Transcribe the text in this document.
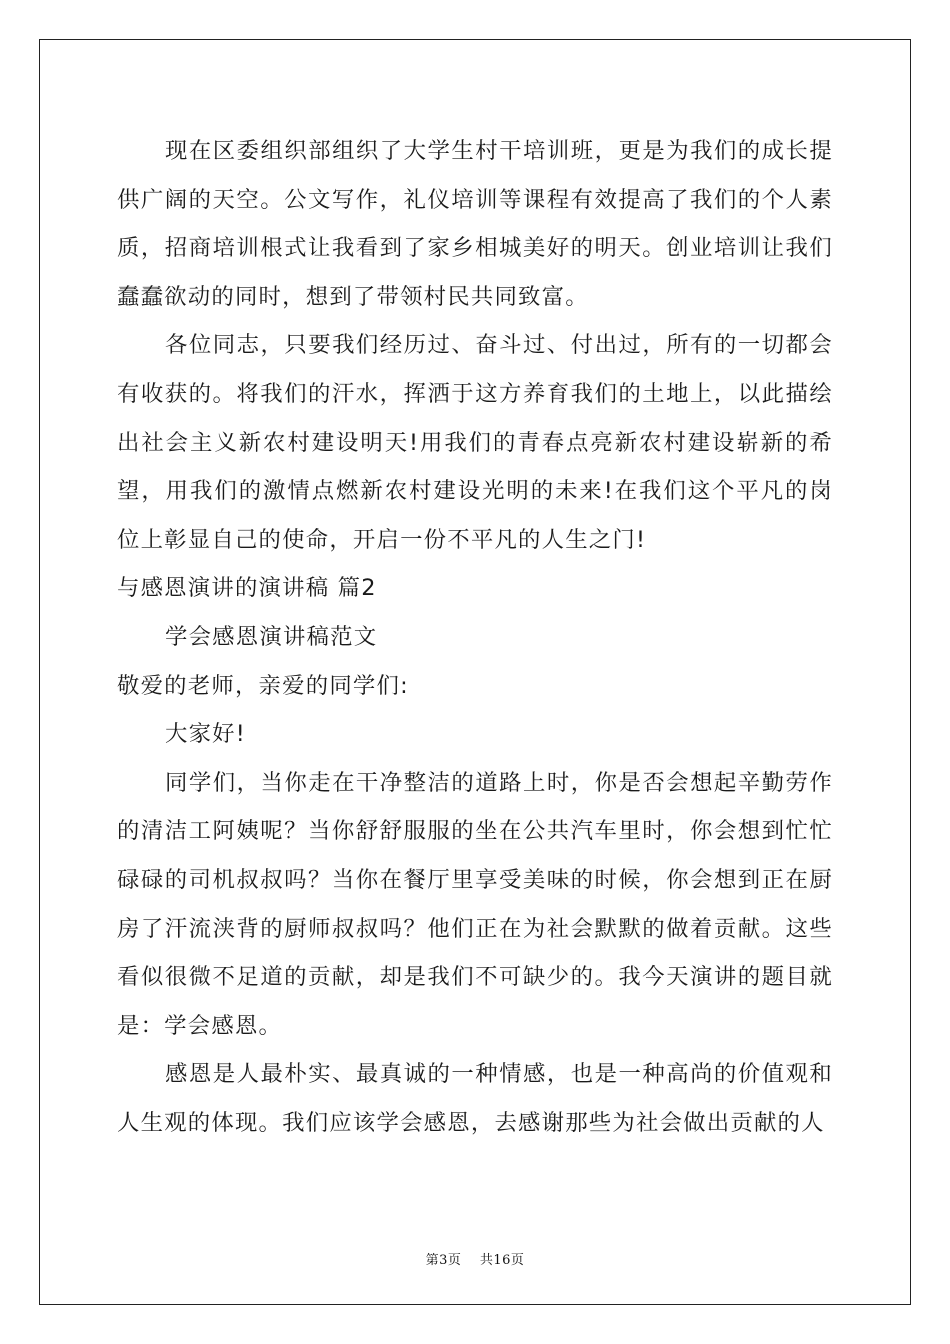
现在区委组织部组织了大学生村干培训班，更是为我们的成长提供广阔的天空。公文写作，礼仪培训等课程有效提高了我们的个人素质，招商培训根式让我看到了家乡相城美好的明天。创业培训让我们蠢蠢欲动的同时，想到了带领村民共同致富。

各位同志，只要我们经历过、奋斗过、付出过，所有的一切都会有收获的。将我们的汗水，挥洒于这方养育我们的土地上，以此描绘出社会主义新农村建设明天!用我们的青春点亮新农村建设崭新的希望，用我们的激情点燃新农村建设光明的未来!在我们这个平凡的岗位上彰显自己的使命，开启一份不平凡的人生之门!

与感恩演讲的演讲稿 篇2

学会感恩演讲稿范文

敬爱的老师，亲爱的同学们:

大家好!

同学们，当你走在干净整洁的道路上时，你是否会想起辛勤劳作的清洁工阿姨呢？当你舒舒服服的坐在公共汽车里时，你会想到忙忙碌碌的司机叔叔吗？当你在餐厅里享受美味的时候，你会想到正在厨房了汗流浃背的厨师叔叔吗？他们正在为社会默默的做着贡献。这些看似很微不足道的贡献，却是我们不可缺少的。我今天演讲的题目就是：学会感恩。

感恩是人最朴实、最真诚的一种情感，也是一种高尚的价值观和人生观的体现。我们应该学会感恩，去感谢那些为社会做出贡献的人

第3页 共16页
